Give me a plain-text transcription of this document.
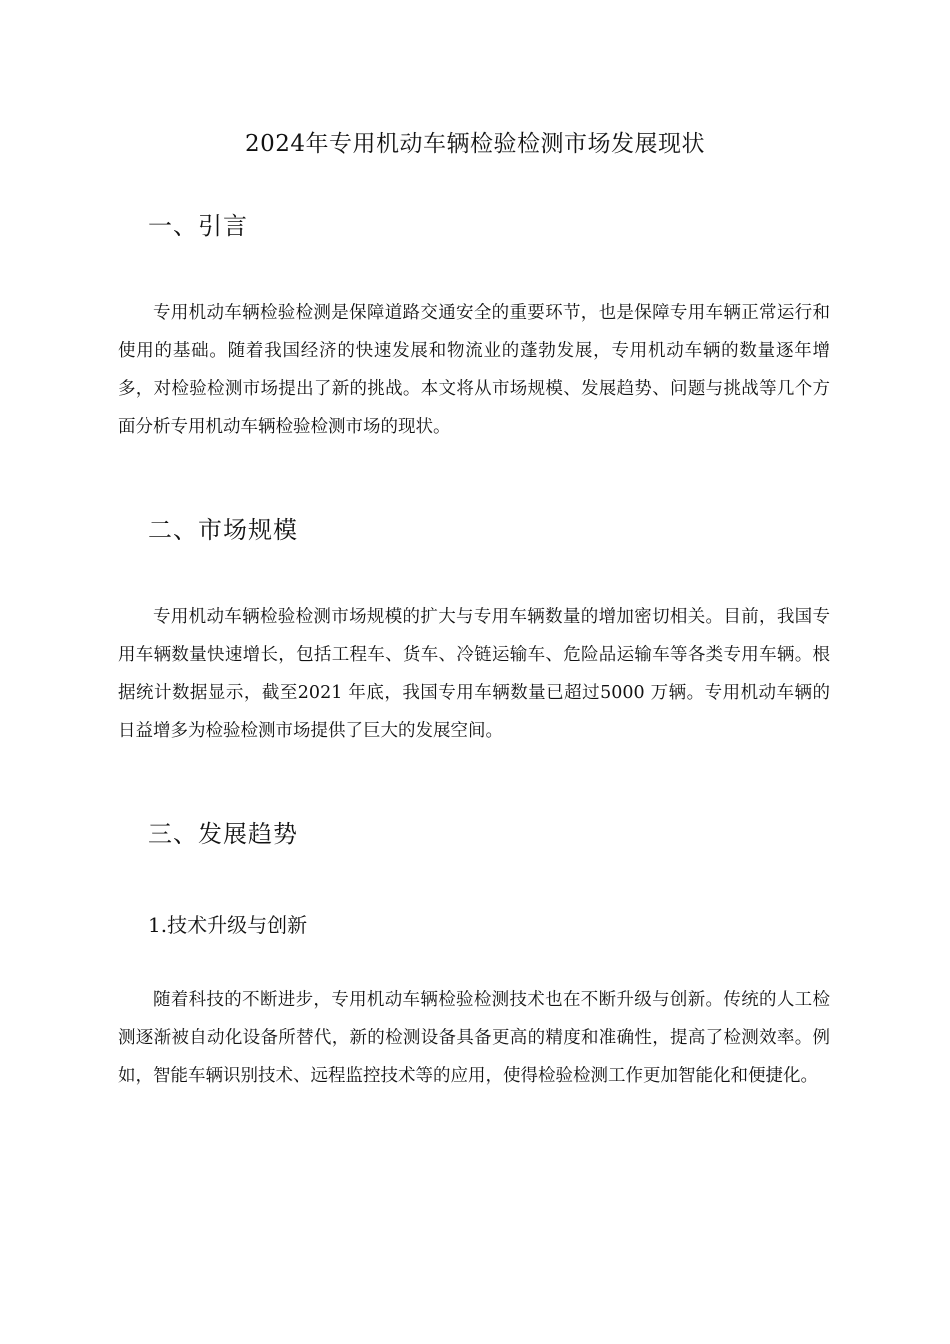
2024年专用机动车辆检验检测市场发展现状
一、引言

专用机动车辆检验检测是保障道路交通安全的重要环节，也是保障专用车辆正常运行和使用的基础。随着我国经济的快速发展和物流业的蓬勃发展，专用机动车辆的数量逐年增多，对检验检测市场提出了新的挑战。本文将从市场规模、发展趋势、问题与挑战等几个方面分析专用机动车辆检验检测市场的现状。

二、市场规模

专用机动车辆检验检测市场规模的扩大与专用车辆数量的增加密切相关。目前，我国专用车辆数量快速增长，包括工程车、货车、冷链运输车、危险品运输车等各类专用车辆。根据统计数据显示，截至2021 年底，我国专用车辆数量已超过5000 万辆。专用机动车辆的日益增多为检验检测市场提供了巨大的发展空间。

三、发展趋势
1.技术升级与创新

随着科技的不断进步，专用机动车辆检验检测技术也在不断升级与创新。传统的人工检测逐渐被自动化设备所替代，新的检测设备具备更高的精度和准确性，提高了检测效率。例如，智能车辆识别技术、远程监控技术等的应用，使得检验检测工作更加智能化和便捷化。
